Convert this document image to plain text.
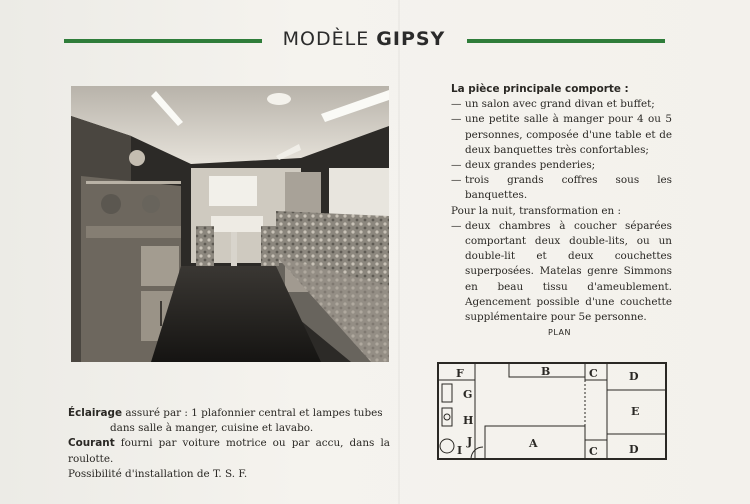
MODÈLE GIPSY
La pièce principale comporte :
— un salon avec grand divan et buffet;
— une petite salle à manger pour 4 ou 5 personnes, composée d'une table et de deux banquettes très confortables;
— deux grandes penderies;
— trois grands coffres sous les banquettes.
Pour la nuit, transformation en :
— deux chambres à coucher séparées comportant deux double-lits, ou un double-lit et deux couchettes superposées. Matelas genre Simmons en beau tissu d'ameublement. Agencement possible d'une couchette supplémentaire pour 5e personne.
PLAN
F
G
H
I
J
B
A
C
C
D
D
E
Éclairage assuré par : 1 plafonnier central et lampes tubes
dans salle à manger, cuisine et lavabo.
Courant fourni par voiture motrice ou par accu, dans la roulotte.
Possibilité d'installation de T. S. F.
